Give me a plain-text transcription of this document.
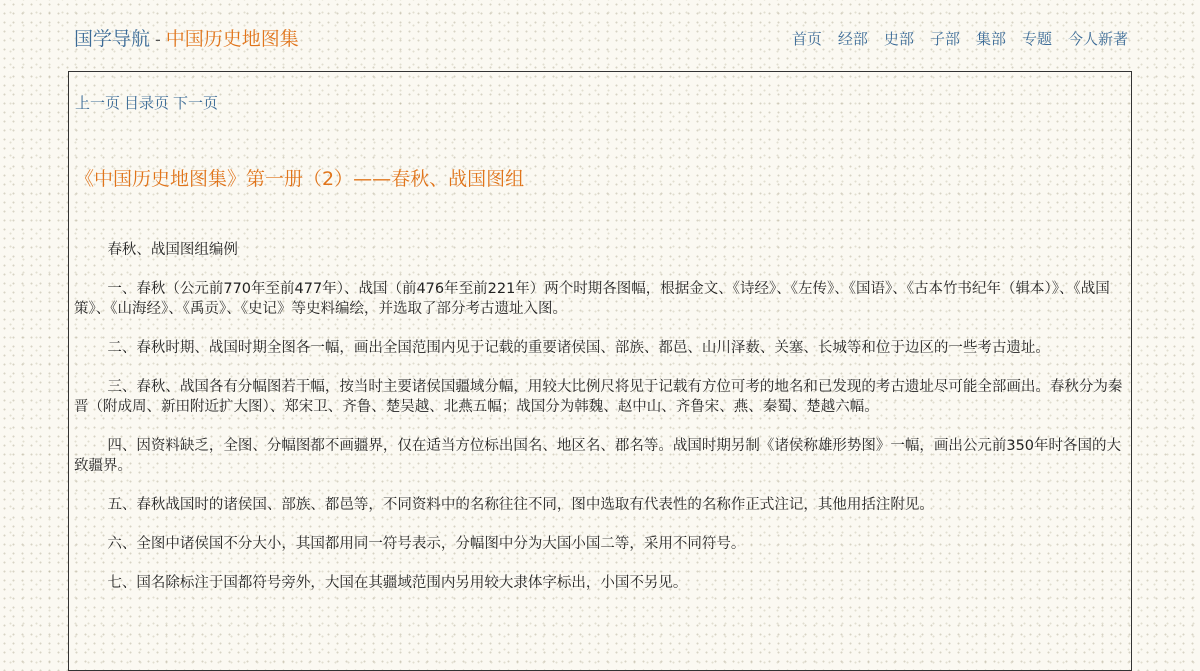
国学导航 - 中国历史地图集	首页 经部 史部 子部 集部 专题 今人新著
上一页 目录页 下一页
《中国历史地图集》第一册（2）——春秋、战国图组

春秋、战国图组编例

一、春秋（公元前770年至前477年）、战国（前476年至前221年）两个时期各图幅，根据金文、《诗经》、《左传》、《国语》、《古本竹书纪年（辑本）》、《战国策》、《山海经》、《禹贡》、《史记》等史料编绘，并选取了部分考古遗址入图。

二、春秋时期、战国时期全图各一幅，画出全国范围内见于记载的重要诸侯国、部族、都邑、山川泽薮、关塞、长城等和位于边区的一些考古遗址。

三、春秋、战国各有分幅图若干幅，按当时主要诸侯国疆域分幅，用较大比例尺将见于记载有方位可考的地名和已发现的考古遗址尽可能全部画出。春秋分为秦晋（附成周、新田附近扩大图）、郑宋卫、齐鲁、楚吴越、北燕五幅；战国分为韩魏、赵中山、齐鲁宋、燕、秦蜀、楚越六幅。

四、因资料缺乏，全图、分幅图都不画疆界，仅在适当方位标出国名、地区名、郡名等。战国时期另制《诸侯称雄形势图》一幅，画出公元前350年时各国的大致疆界。

五、春秋战国时的诸侯国、部族、都邑等，不同资料中的名称往往不同，图中选取有代表性的名称作正式注记，其他用括注附见。

六、全图中诸侯国不分大小，其国都用同一符号表示，分幅图中分为大国小国二等，采用不同符号。

七、国名除标注于国都符号旁外，大国在其疆域范围内另用较大隶体字标出，小国不另见。
